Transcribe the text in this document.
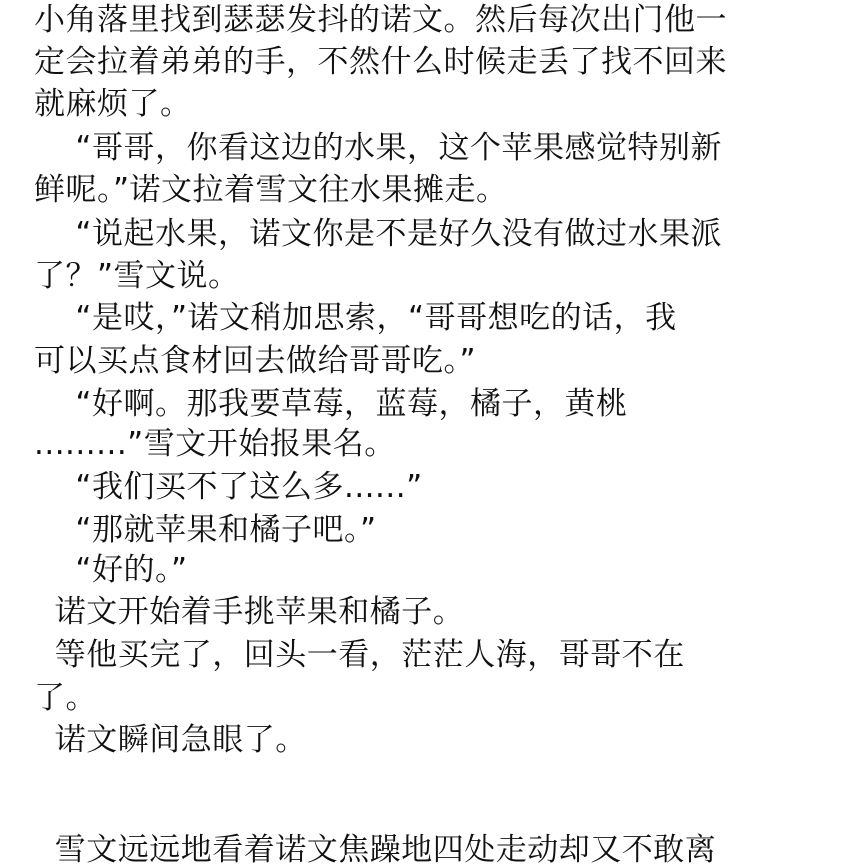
小角落里找到瑟瑟发抖的诺文。然后每次出门他一
定会拉着弟弟的手，不然什么时候走丢了找不回来
就麻烦了。
“哥哥，你看这边的水果，这个苹果感觉特别新
鲜呢。”诺文拉着雪文往水果摊走。
“说起水果，诺文你是不是好久没有做过水果派
了？”雪文说。
“是哎，”诺文稍加思索，“哥哥想吃的话，我
可以买点食材回去做给哥哥吃。”
“好啊。那我要草莓，蓝莓，橘子，黄桃
.........”雪文开始报果名。
“我们买不了这么多......”
“那就苹果和橘子吧。”
“好的。”
诺文开始着手挑苹果和橘子。
等他买完了，回头一看，茫茫人海，哥哥不在
了。
诺文瞬间急眼了。
雪文远远地看着诺文焦躁地四处走动却又不敢离
